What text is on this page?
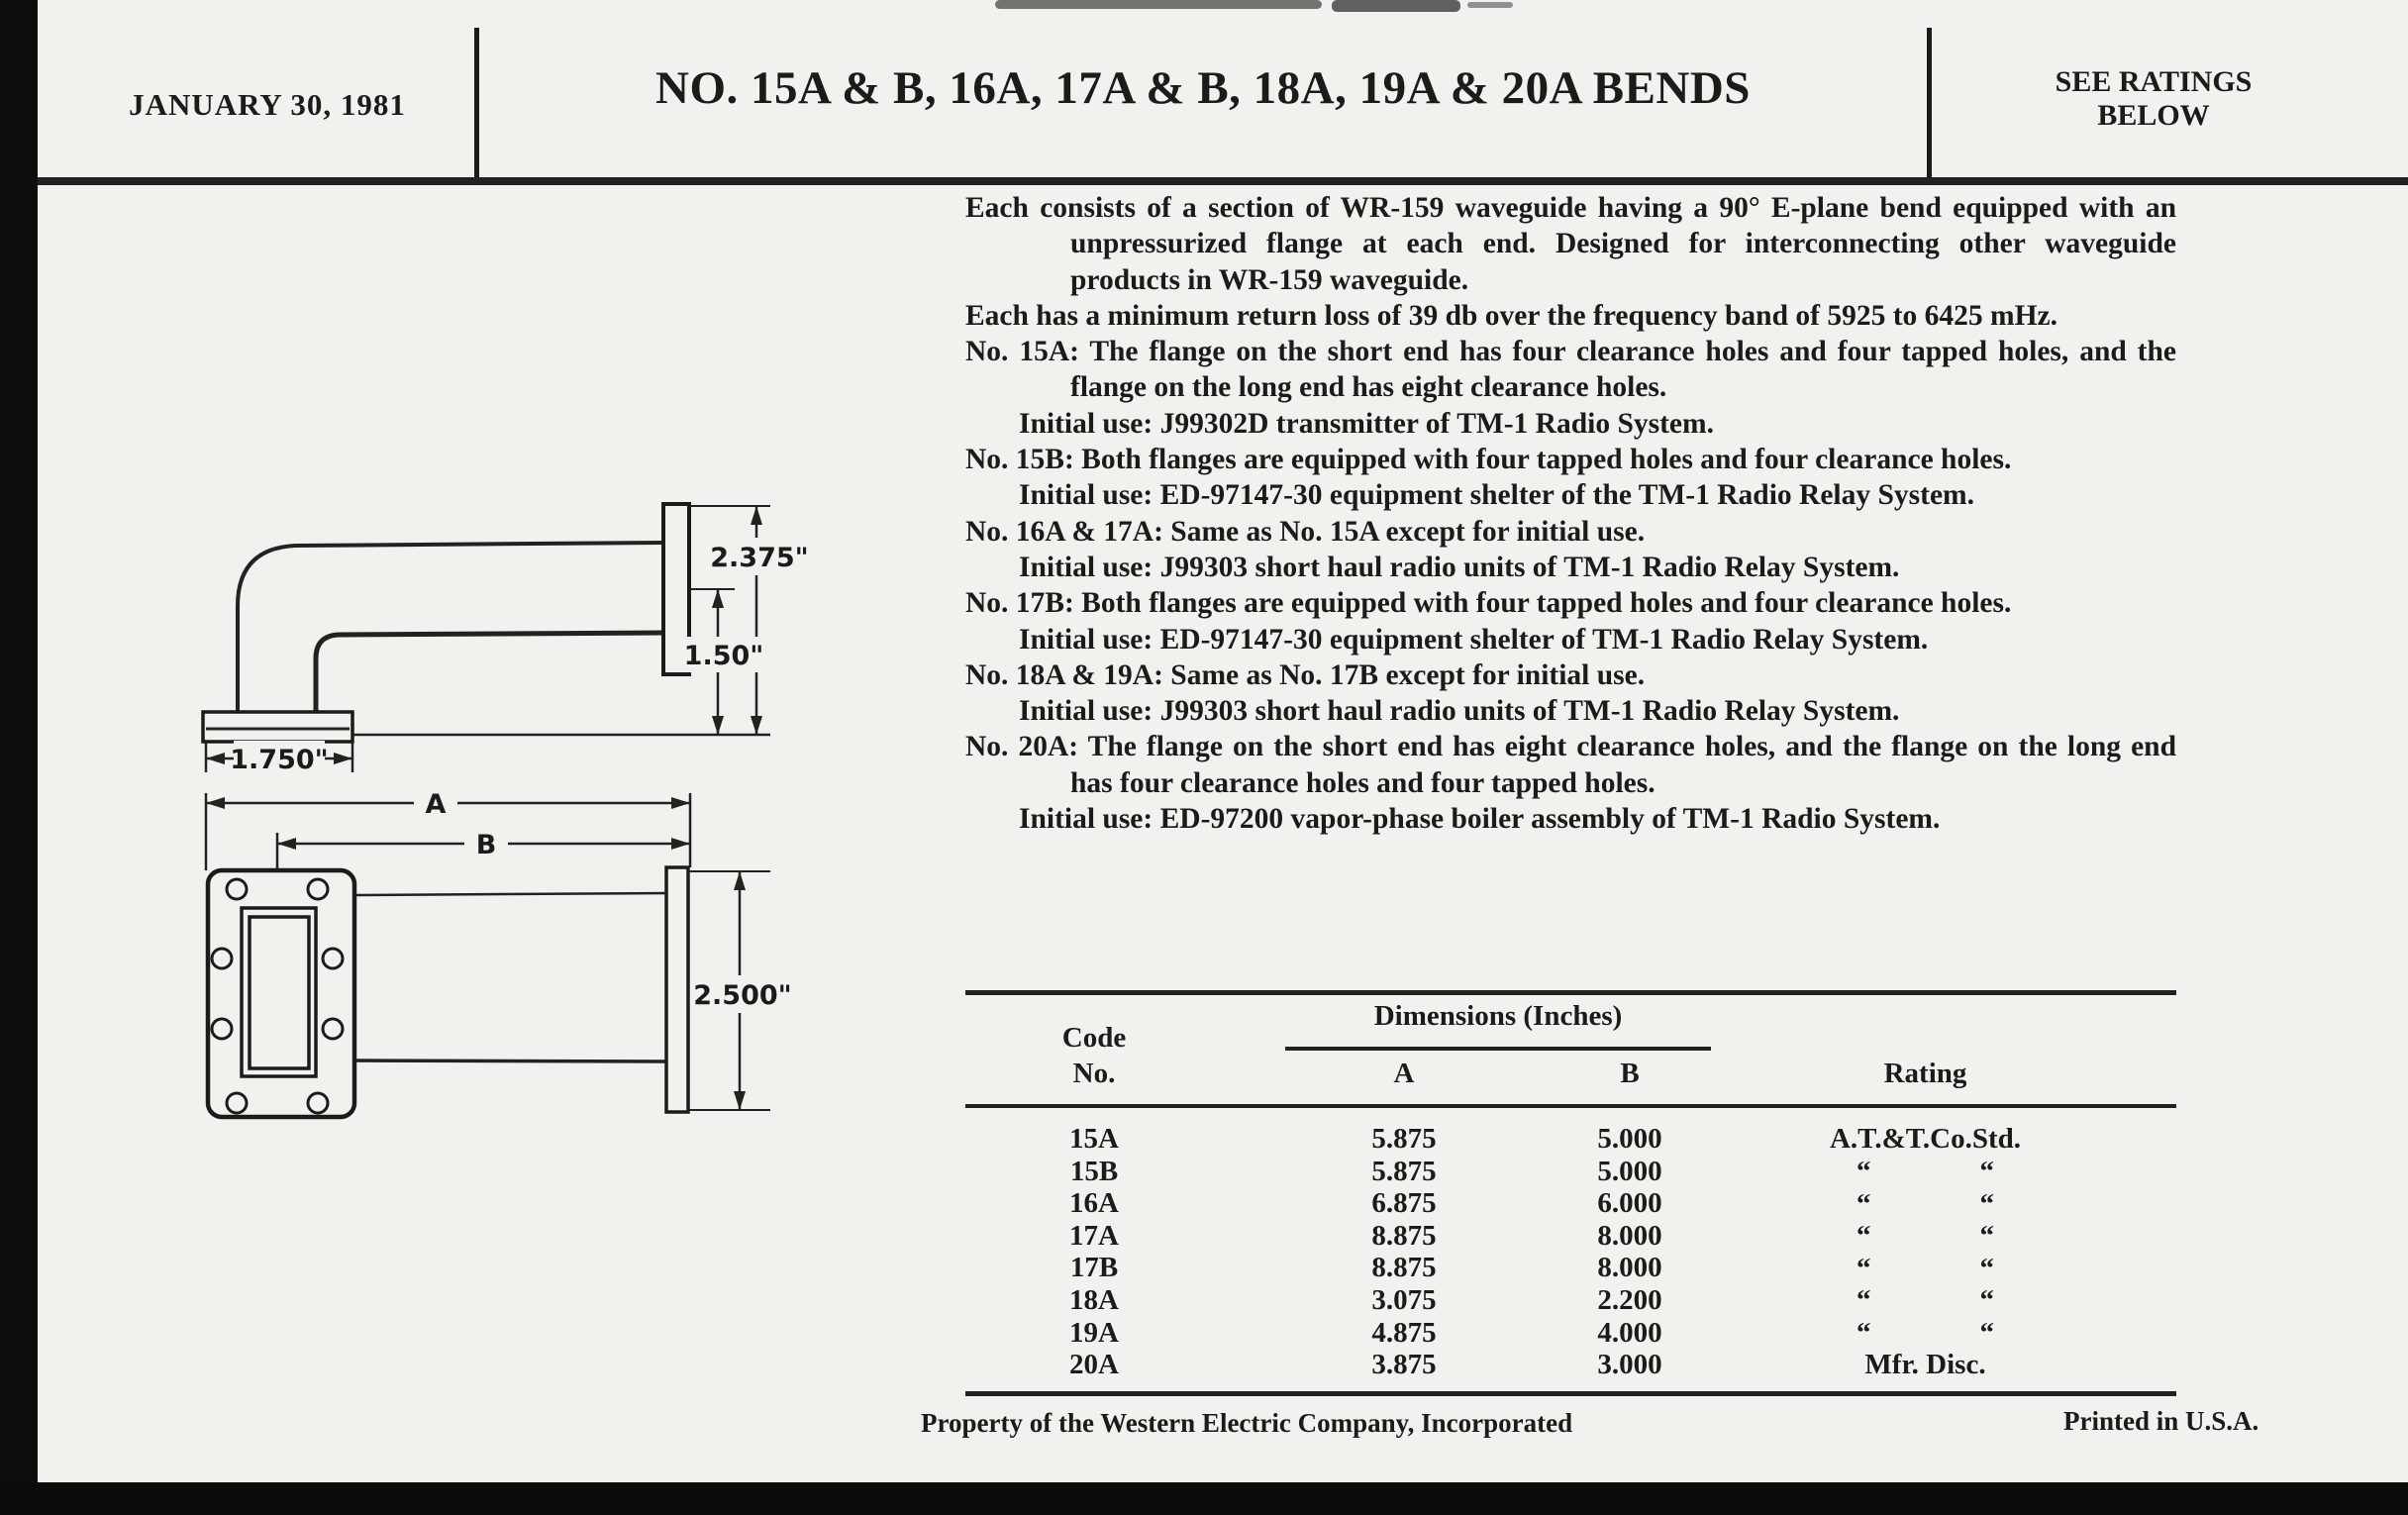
JANUARY 30, 1981	NO. 15A & B, 16A, 17A & B, 18A, 19A & 20A BENDS	SEE RATINGS
BELOW
2.375"
1.50"
1.750"
A
B
2.500"

Each consists of a section of WR-159 waveguide having a 90° E-plane bend equipped with an unpressurized flange at each end. Designed for interconnecting other waveguide products in WR-159 waveguide.

Each has a minimum return loss of 39 db over the frequency band of 5925 to 6425 mHz.

No. 15A: The flange on the short end has four clearance holes and four tapped holes, and the flange on the long end has eight clearance holes.

Initial use: J99302D transmitter of TM-1 Radio System.

No. 15B: Both flanges are equipped with four tapped holes and four clearance holes.

Initial use: ED-97147-30 equipment shelter of the TM-1 Radio Relay System.

No. 16A & 17A: Same as No. 15A except for initial use.

Initial use: J99303 short haul radio units of TM-1 Radio Relay System.

No. 17B: Both flanges are equipped with four tapped holes and four clearance holes.

Initial use: ED-97147-30 equipment shelter of TM-1 Radio Relay System.

No. 18A & 19A: Same as No. 17B except for initial use.

Initial use: J99303 short haul radio units of TM-1 Radio Relay System.

No. 20A: The flange on the short end has eight clearance holes, and the flange on the long end has four clearance holes and four tapped holes.

Initial use: ED-97200 vapor-phase boiler assembly of TM-1 Radio System.

Dimensions (Inches)
Code
No.	A	B	Rating
15A	5.875	5.000	A.T.&T.Co.Std.
15B	5.875	5.000	“	“
16A	6.875	6.000	“	“
17A	8.875	8.000	“	“
17B	8.875	8.000	“	“
18A	3.075	2.200	“	“
19A	4.875	4.000	“	“
20A	3.875	3.000	Mfr. Disc.
Property of the Western Electric Company, Incorporated	Printed in U.S.A.
